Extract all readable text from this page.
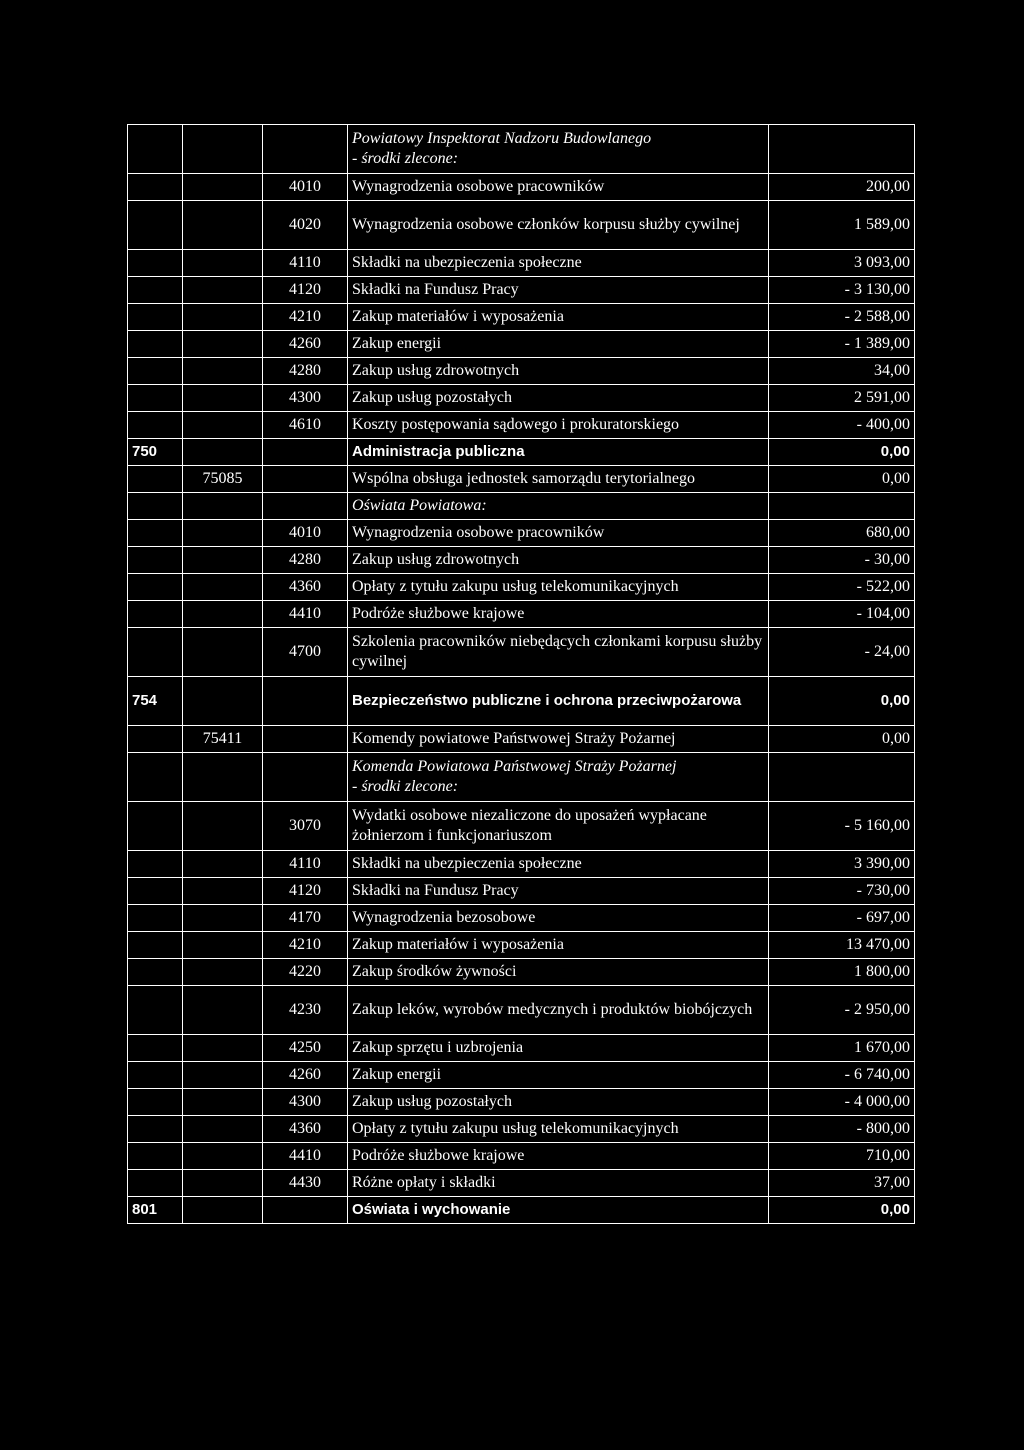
			Powiatowy Inspektorat Nadzoru Budowlanego
- środki zlecone:	

		4010	Wynagrodzenia osobowe pracowników	200,00
		4020	Wynagrodzenia osobowe członków korpusu służby cywilnej	1 589,00
		4110	Składki na ubezpieczenia społeczne	3 093,00
		4120	Składki na Fundusz Pracy	- 3 130,00
		4210	Zakup materiałów i wyposażenia	- 2 588,00
		4260	Zakup energii	- 1 389,00
		4280	Zakup usług zdrowotnych	34,00
		4300	Zakup usług pozostałych	2 591,00
		4610	Koszty postępowania sądowego i prokuratorskiego	- 400,00
750			Administracja publiczna	0,00
	75085		Wspólna obsługa jednostek samorządu terytorialnego	0,00

			Oświata Powiatowa:	

		4010	Wynagrodzenia osobowe pracowników	680,00
		4280	Zakup usług zdrowotnych	- 30,00
		4360	Opłaty z tytułu zakupu usług telekomunikacyjnych	- 522,00
		4410	Podróże służbowe krajowe	- 104,00
		4700	Szkolenia pracowników niebędących członkami korpusu służby cywilnej	- 24,00
754			Bezpieczeństwo publiczne i ochrona przeciwpożarowa	0,00
	75411		Komendy powiatowe Państwowej Straży Pożarnej	0,00

			Komenda Powiatowa Państwowej Straży Pożarnej
- środki zlecone:	

		3070	Wydatki osobowe niezaliczone do uposażeń wypłacane żołnierzom i funkcjonariuszom	- 5 160,00
		4110	Składki na ubezpieczenia społeczne	3 390,00
		4120	Składki na Fundusz Pracy	- 730,00
		4170	Wynagrodzenia bezosobowe	- 697,00
		4210	Zakup materiałów i wyposażenia	13 470,00
		4220	Zakup środków żywności	1 800,00
		4230	Zakup leków, wyrobów medycznych i produktów biobójczych	- 2 950,00
		4250	Zakup sprzętu i uzbrojenia	1 670,00
		4260	Zakup energii	- 6 740,00
		4300	Zakup usług pozostałych	- 4 000,00
		4360	Opłaty z tytułu zakupu usług telekomunikacyjnych	- 800,00
		4410	Podróże służbowe krajowe	710,00
		4430	Różne opłaty i składki	37,00
801			Oświata i wychowanie	0,00
